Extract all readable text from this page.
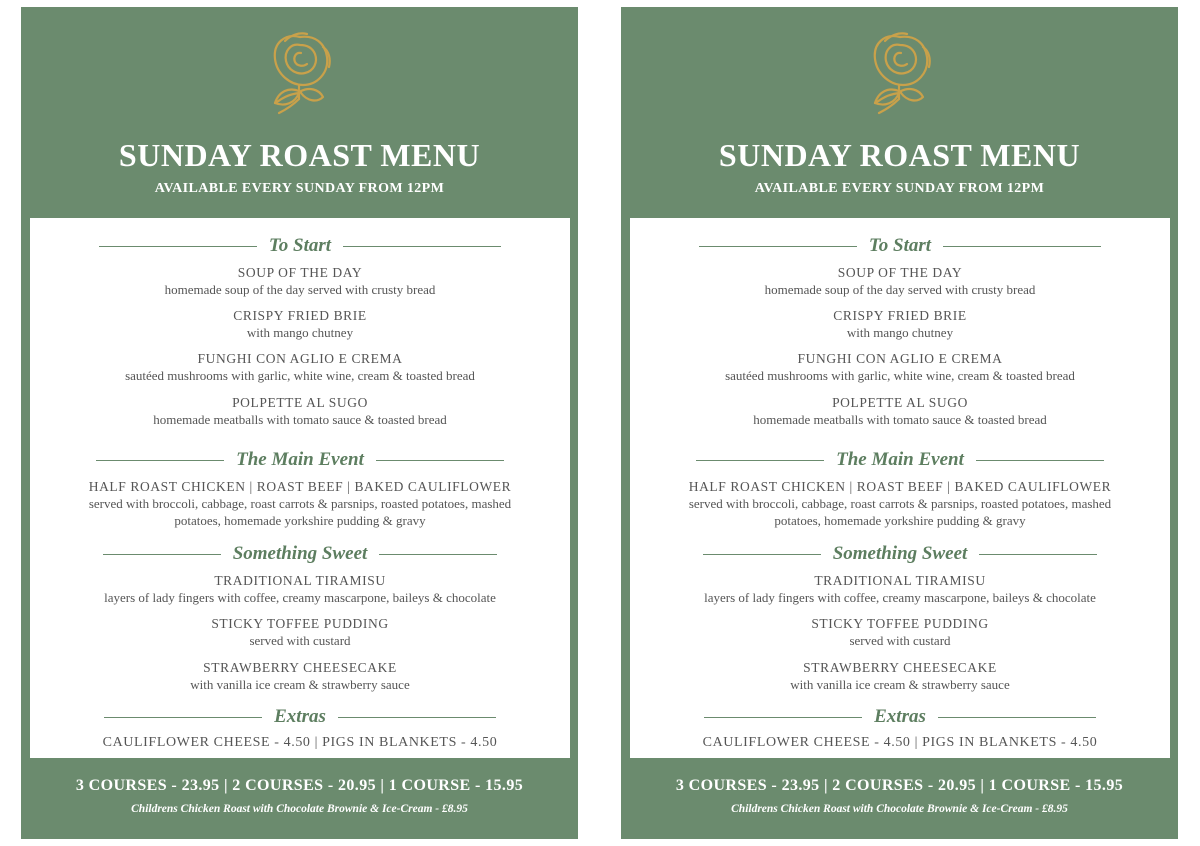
SUNDAY ROAST MENU
AVAILABLE EVERY SUNDAY FROM 12PM
To Start
SOUP OF THE DAY
homemade soup of the day served with crusty bread
CRISPY FRIED BRIE
with mango chutney
FUNGHI CON AGLIO E CREMA
sautéed mushrooms with garlic, white wine, cream & toasted bread
POLPETTE AL SUGO
homemade meatballs with tomato sauce & toasted bread
The Main Event
HALF ROAST CHICKEN | ROAST BEEF | BAKED CAULIFLOWER
served with broccoli, cabbage, roast carrots & parsnips, roasted potatoes, mashed
potatoes, homemade yorkshire pudding & gravy
Something Sweet
TRADITIONAL TIRAMISU
layers of lady fingers with coffee, creamy mascarpone, baileys & chocolate
STICKY TOFFEE PUDDING
served with custard
STRAWBERRY CHEESECAKE
with vanilla ice cream & strawberry sauce
Extras
CAULIFLOWER CHEESE - 4.50 | PIGS IN BLANKETS - 4.50
3 COURSES - 23.95 | 2 COURSES - 20.95 | 1 COURSE - 15.95
Childrens Chicken Roast with Chocolate Brownie & Ice-Cream - £8.95
SUNDAY ROAST MENU
AVAILABLE EVERY SUNDAY FROM 12PM
To Start
SOUP OF THE DAY
homemade soup of the day served with crusty bread
CRISPY FRIED BRIE
with mango chutney
FUNGHI CON AGLIO E CREMA
sautéed mushrooms with garlic, white wine, cream & toasted bread
POLPETTE AL SUGO
homemade meatballs with tomato sauce & toasted bread
The Main Event
HALF ROAST CHICKEN | ROAST BEEF | BAKED CAULIFLOWER
served with broccoli, cabbage, roast carrots & parsnips, roasted potatoes, mashed
potatoes, homemade yorkshire pudding & gravy
Something Sweet
TRADITIONAL TIRAMISU
layers of lady fingers with coffee, creamy mascarpone, baileys & chocolate
STICKY TOFFEE PUDDING
served with custard
STRAWBERRY CHEESECAKE
with vanilla ice cream & strawberry sauce
Extras
CAULIFLOWER CHEESE - 4.50 | PIGS IN BLANKETS - 4.50
3 COURSES - 23.95 | 2 COURSES - 20.95 | 1 COURSE - 15.95
Childrens Chicken Roast with Chocolate Brownie & Ice-Cream - £8.95
